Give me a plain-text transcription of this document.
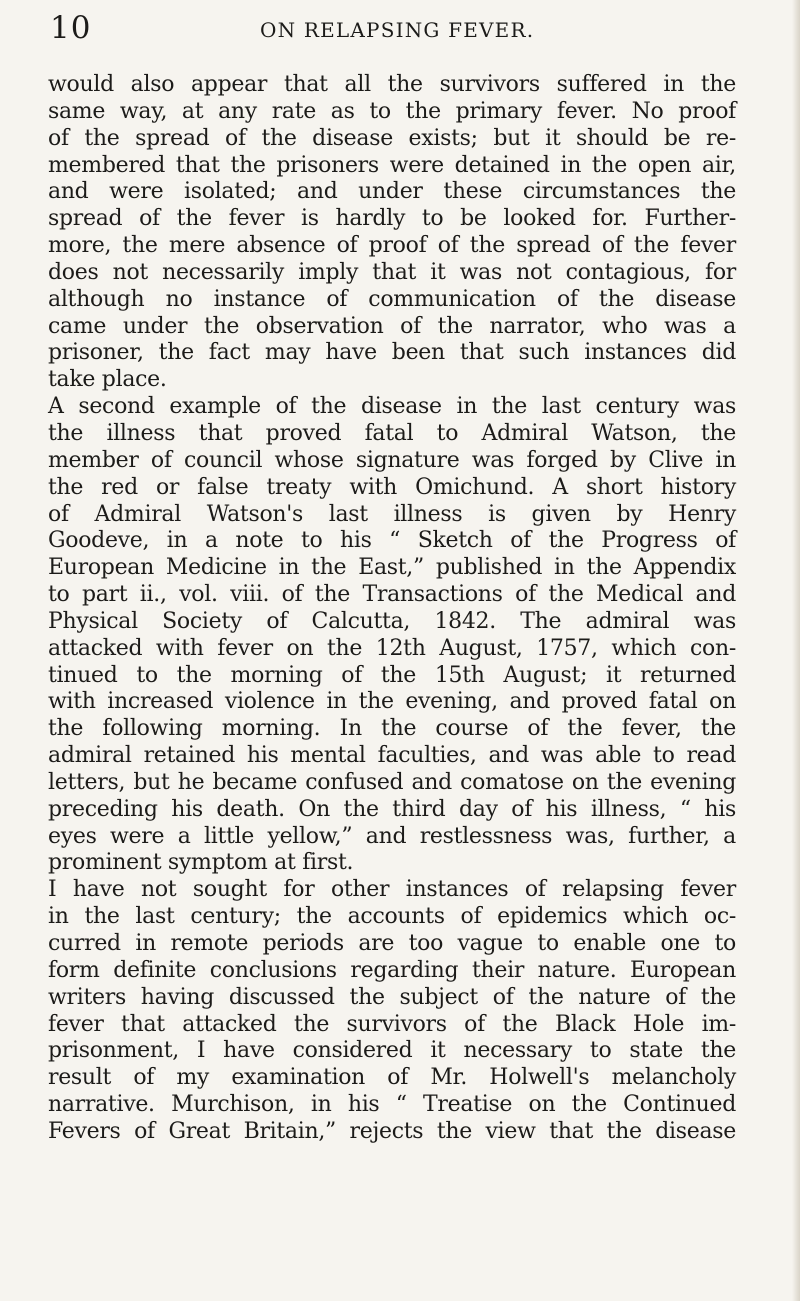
10	ON RELAPSING FEVER.
would also appear that all the survivors suffered in the
same way, at any rate as to the primary fever. No proof
of the spread of the disease exists; but it should be re-
membered that the prisoners were detained in the open air,
and were isolated; and under these circumstances the
spread of the fever is hardly to be looked for. Further-
more, the mere absence of proof of the spread of the fever
does not necessarily imply that it was not contagious, for
although no instance of communication of the disease
came under the observation of the narrator, who was a
prisoner, the fact may have been that such instances did
take place.
A second example of the disease in the last century was
the illness that proved fatal to Admiral Watson, the
member of council whose signature was forged by Clive in
the red or false treaty with Omichund. A short history
of Admiral Watson's last illness is given by Henry
Goodeve, in a note to his “ Sketch of the Progress of
European Medicine in the East,” published in the Appendix
to part ii., vol. viii. of the Transactions of the Medical and
Physical Society of Calcutta, 1842. The admiral was
attacked with fever on the 12th August, 1757, which con-
tinued to the morning of the 15th August; it returned
with increased violence in the evening, and proved fatal on
the following morning. In the course of the fever, the
admiral retained his mental faculties, and was able to read
letters, but he became confused and comatose on the evening
preceding his death. On the third day of his illness, “ his
eyes were a little yellow,” and restlessness was, further, a
prominent symptom at first.
I have not sought for other instances of relapsing fever
in the last century; the accounts of epidemics which oc-
curred in remote periods are too vague to enable one to
form definite conclusions regarding their nature. European
writers having discussed the subject of the nature of the
fever that attacked the survivors of the Black Hole im-
prisonment, I have considered it necessary to state the
result of my examination of Mr. Holwell's melancholy
narrative. Murchison, in his “ Treatise on the Continued
Fevers of Great Britain,” rejects the view that the disease
